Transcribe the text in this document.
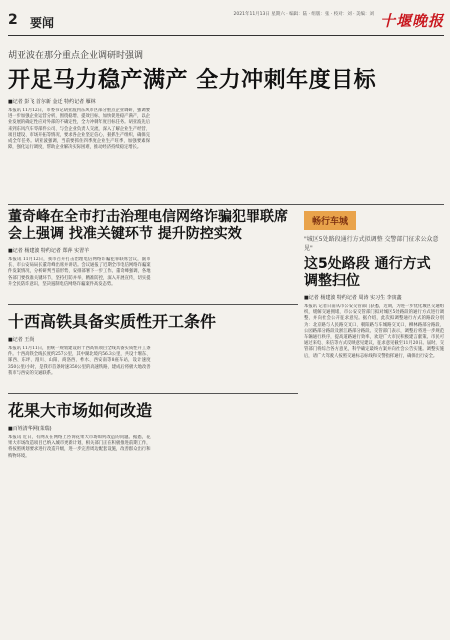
2 要闻
2021年11月13日 星期六 · 编辑：陆 · 组版：张 · 校对：刘 · 美编：刘 十堰晚报
胡亚波在那分重点企业调研时强调
开足马力稳产满产 全力冲刺年度目标
■记者 彭飞 首尔新 金迁 特约记者 雁林

本报讯 11月12日，市委书记胡亚波到东风市区部分重点企业调研，强调要进一步加强企业运营分析，围绕稳增、提效目标，加快促进稳产满产，以企业发展的确定性应对外部的不确定性，全力冲刺年度目标任务。胡亚波先后来到东风汽车零部件公司、与会企业负责人交流，深入了解企业生产经营、项目建设、市场开拓等情况，要求各企业坚定信心，狠抓生产组织，确保完成全年任务。胡亚波强调，当前要抓住四季度企业生产旺季，加强要素保障，强化运行调度，帮助企业解决实际困难，推动经济持续稳定增长。

董奇峰在全市打击治理电信网络诈骗犯罪联席会上强调 找准关键环节 提升防控实效
■记者 杨建波 特约记者 郑萍 实習羊

本报讯 11月12日，我市召开打击治理电信网络诈骗犯罪联席会议，副市长、市公安局局长董奇峰出席并讲话。会议通报了近期全市电信网络诈骗案件发案情况，分析研判当前形势，安排部署下一步工作。董奇峰强调，各地各部门要找准关键环节，坚持打防并举，精准防控，深入开展宣传，切实提升全民防诈意识，坚决遏制电信网络诈骗案件高发态势。

十西高铁具备实质性开工条件
■记者 王尚

本报讯 11月11日，由统一规划建设的十西高铁项目全线具备实质性开工条件。十西高铁全线长度约257公里，其中湖北境内56.3公里，共设十堰东、郧西、东坪、漫川、山阳、商洛西、柞水、西安南等8座车站，设计速度350公里/小时，是我市首条时速350公里的高速铁路，建成后将极大地改善我市与西安的交通联系。

花果大市场如何改造
■百姓清华网(茉瑞)

本报讯 近日，有网友在网络上咨询花果大市场如何改造的问题。据悉，花果大市场改造项目已纳入城市更新计划，相关部门正在积极推进前期工作，将按照规划要求进行改造升级，进一步完善周边配套设施，改善群众出行和购物环境。

畅行车城
"城区5处路段通行方式拟调整 交警部门征求公众意见"
这5处路段 通行方式调整扫位
■记者 杨建波 特约记者 周涛 实习生 李寅鑫

本报讯 记者日前从市公安交管部门获悉，近期，为进一步优化城区交通组织，缓解交通拥堵，市公安交管部门拟对城区5处路段的通行方式进行调整，并向社会公开征求意见。据介绍，此次拟调整通行方式的路段分别为：北京路与人民路交叉口、朝阳路与车城路交叉口、柳林路部分路段、公园路部分路段及浙江路部分路段。交管部门表示，调整后将进一步规范车辆通行秩序，提高道路通行效率，欢迎广大市民积极建言献策。市民可通过来电、来信等方式反映意见建议，征求意见截至11月20日。届时，交管部门将综合各方意见，科学确定最终方案并向社会公告实施。调整实施后，请广大驾驶人按照交通标志标线和交警指挥通行，确保出行安全。
